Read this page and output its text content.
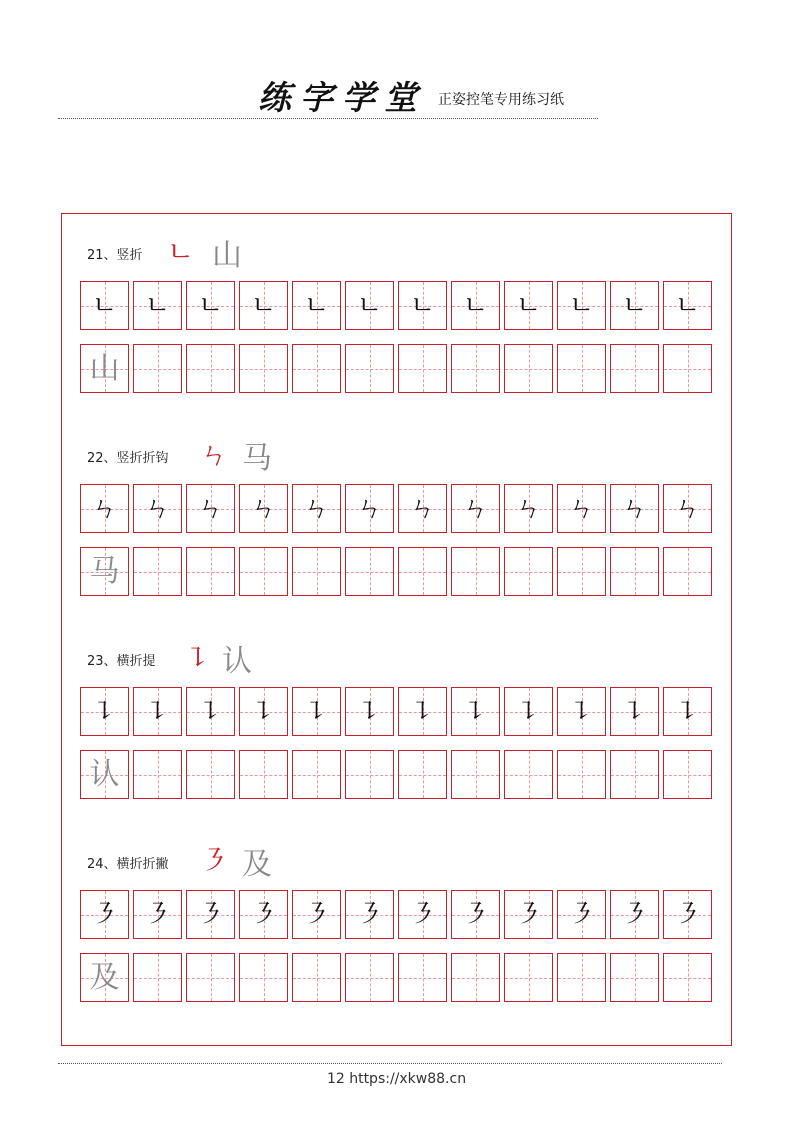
练字学堂 正姿控笔专用练习纸
21、竖折 ㄴ 山
ㄴ ㄴ ㄴ ㄴ ㄴ ㄴ ㄴ ㄴ ㄴ ㄴ ㄴ ㄴ
山
22、竖折折钩 ㄣ 马
ㄣ ㄣ ㄣ ㄣ ㄣ ㄣ ㄣ ㄣ ㄣ ㄣ ㄣ ㄣ
马
23、横折提 ㇊ 认
㇊ ㇊ ㇊ ㇊ ㇊ ㇊ ㇊ ㇊ ㇊ ㇊ ㇊ ㇊
认
24、横折折撇 ㇋ 及
㇋ ㇋ ㇋ ㇋ ㇋ ㇋ ㇋ ㇋ ㇋ ㇋ ㇋ ㇋
及
12 https://xkw88.cn
